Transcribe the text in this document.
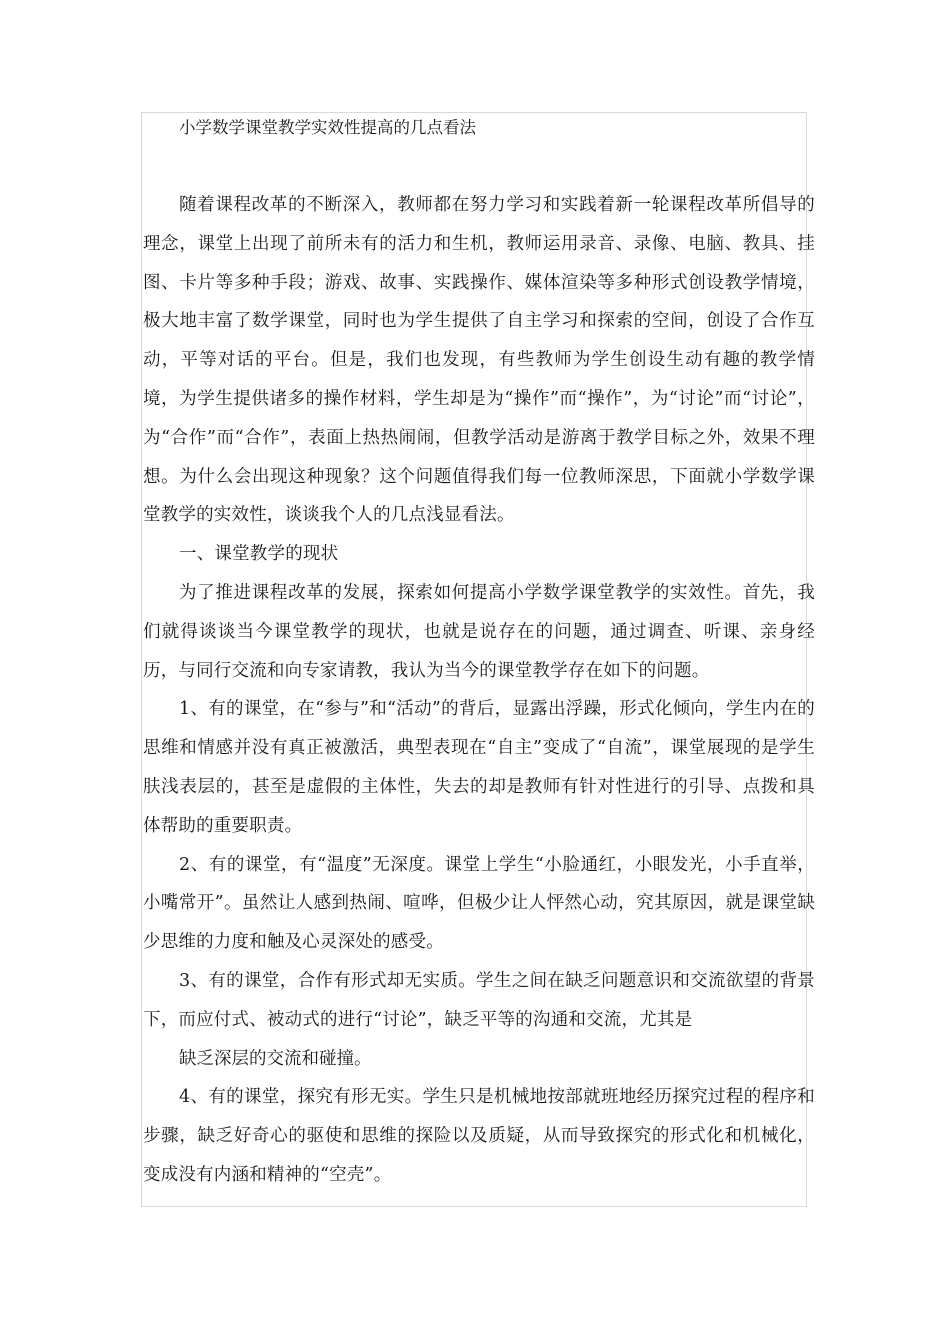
小学数学课堂教学实效性提高的几点看法

随着课程改革的不断深入，教师都在努力学习和实践着新一轮课程改革所倡导的理念，课堂上出现了前所未有的活力和生机，教师运用录音、录像、电脑、教具、挂图、卡片等多种手段；游戏、故事、实践操作、媒体渲染等多种形式创设教学情境，极大地丰富了数学课堂，同时也为学生提供了自主学习和探索的空间，创设了合作互动，平等对话的平台。但是，我们也发现，有些教师为学生创设生动有趣的教学情境，为学生提供诸多的操作材料，学生却是为“操作”而“操作”，为“讨论”而“讨论”，为“合作”而“合作”，表面上热热闹闹，但教学活动是游离于教学目标之外，效果不理想。为什么会出现这种现象？这个问题值得我们每一位教师深思，下面就小学数学课堂教学的实效性，谈谈我个人的几点浅显看法。

一、课堂教学的现状

为了推进课程改革的发展，探索如何提高小学数学课堂教学的实效性。首先，我们就得谈谈当今课堂教学的现状，也就是说存在的问题，通过调查、听课、亲身经历，与同行交流和向专家请教，我认为当今的课堂教学存在如下的问题。

1、有的课堂，在“参与”和“活动”的背后，显露出浮躁，形式化倾向，学生内在的思维和情感并没有真正被激活，典型表现在“自主”变成了“自流”，课堂展现的是学生肤浅表层的，甚至是虚假的主体性，失去的却是教师有针对性进行的引导、点拨和具体帮助的重要职责。

2、有的课堂，有“温度”无深度。课堂上学生“小脸通红，小眼发光，小手直举，小嘴常开”。虽然让人感到热闹、喧哗，但极少让人怦然心动，究其原因，就是课堂缺少思维的力度和触及心灵深处的感受。

3、有的课堂，合作有形式却无实质。学生之间在缺乏问题意识和交流欲望的背景下，而应付式、被动式的进行“讨论”，缺乏平等的沟通和交流，尤其是

缺乏深层的交流和碰撞。

4、有的课堂，探究有形无实。学生只是机械地按部就班地经历探究过程的程序和步骤，缺乏好奇心的驱使和思维的探险以及质疑，从而导致探究的形式化和机械化，变成没有内涵和精神的“空壳”。
